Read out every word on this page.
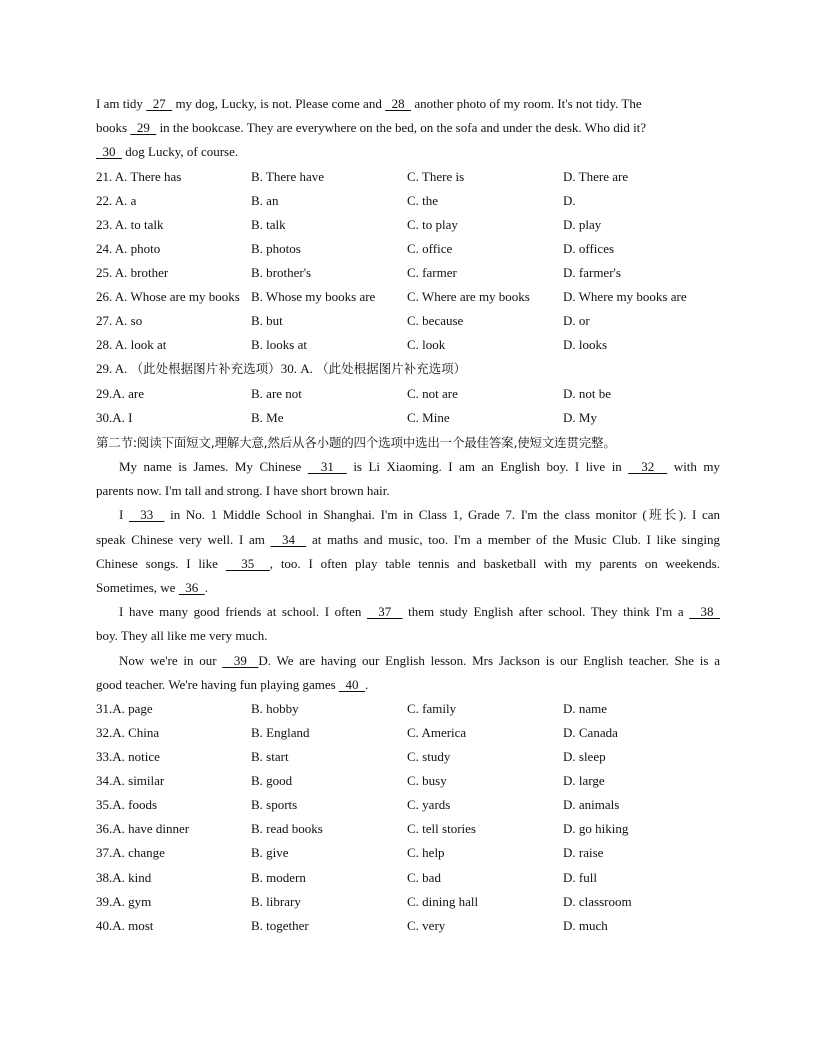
I am tidy   27   my dog, Lucky, is not. Please come and   28   another photo of my room. It's not tidy. The
books   29   in the bookcase. They are everywhere on the bed, on the sofa and under the desk. Who did it?
30   dog Lucky, of course.
21. A. There has	B. There have	C. There is	D. There are
22. A. a	B. an	C. the	D.
23. A. to talk	B. talk	C. to play	D. play
24. A. photo	B. photos	C. office	D. offices
25. A. brother	B. brother's	C. farmer	D. farmer's
26. A. Whose are my books B. Whose my books are C. Where are my books	D. Where my books are
27. A. so	B. but	C. because	D. or
28. A. look at	B. looks at	C. look	D. looks
29. A. （此处根据图片补充选项）30. A. （此处根据图片补充选项）
29.A. are	B. are not	C. not are	D. not be
30.A. I	B. Me	C. Mine	D. My
第二节:阅读下面短文,理解大意,然后从各小题的四个选项中选出一个最佳答案,使短文连贯完整。
My name is James. My Chinese   31   is Li Xiaoming. I am an English boy. I live in   32   with my
parents now. I'm tall and strong. I have short brown hair.
I   33   in No. 1 Middle School in Shanghai. I'm in Class 1, Grade 7. I'm the class monitor (班长). I can
speak Chinese very well. I am   34   at maths and music, too. I'm a member of the Music Club. I like singing
Chinese songs. I like   35  , too. I often play table tennis and basketball with my parents on weekends.
Sometimes, we   36  .
I have many good friends at school. I often   37   them study English after school. They think I'm a   38
boy. They all like me very much.
Now we're in our   39  D. We are having our English lesson. Mrs Jackson is our English teacher. She is a
good teacher. We're having fun playing games   40  .
31.A. page	B. hobby	C. family	D. name
32.A. China	B. England	C. America	D. Canada
33.A. notice	B. start	C. study	D. sleep
34.A. similar	B. good	C. busy	D. large
35.A. foods	B. sports	C. yards	D. animals
36.A. have dinner	B. read books	C. tell stories	D. go hiking
37.A. change	B. give	C. help	D. raise
38.A. kind	B. modern	C. bad	D. full
39.A. gym	B. library	C. dining hall	D. classroom
40.A. most	B. together	C. very	D. much
